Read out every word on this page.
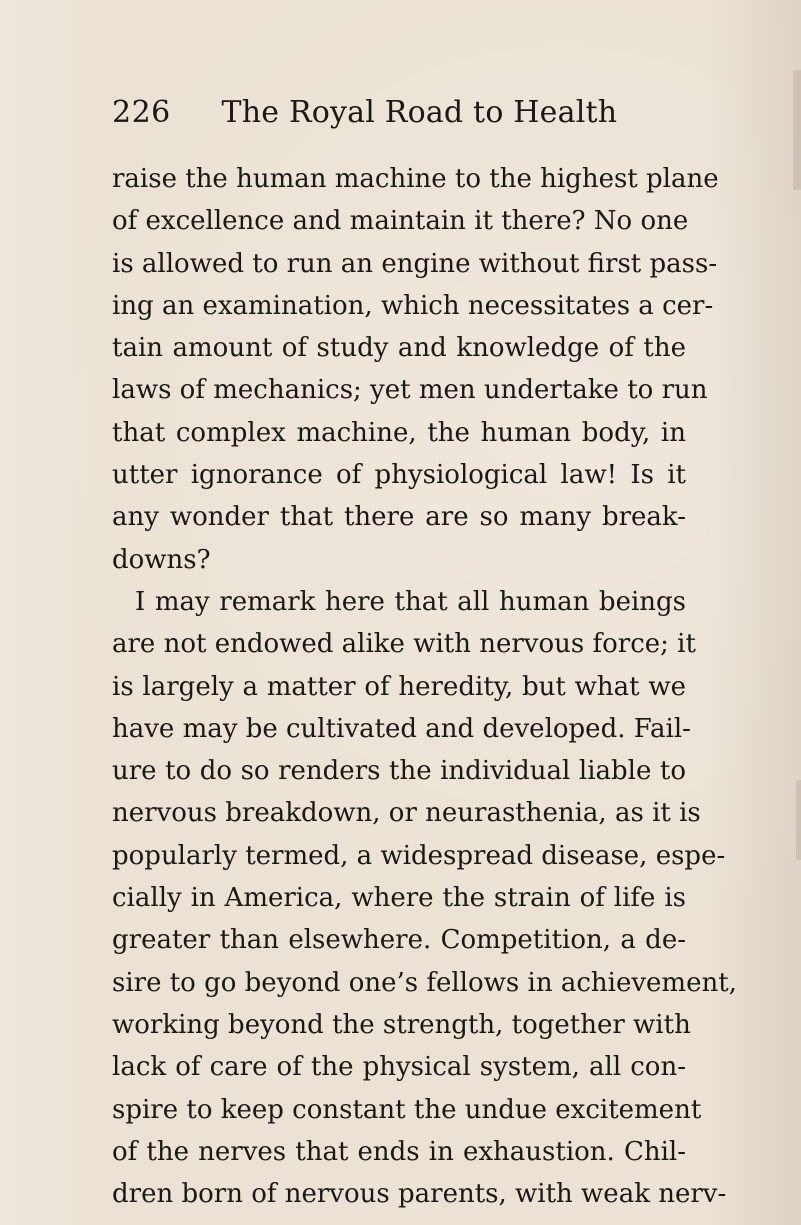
226 The Royal Road to Health
raise the human machine to the highest plane
of excellence and maintain it there? No one
is allowed to run an engine without first pass-
ing an examination, which necessitates a cer-
tain amount of study and knowledge of the
laws of mechanics; yet men undertake to run
that complex machine, the human body, in
utter ignorance of physiological law! Is it
any wonder that there are so many break-
downs?
I may remark here that all human beings
are not endowed alike with nervous force; it
is largely a matter of heredity, but what we
have may be cultivated and developed. Fail-
ure to do so renders the individual liable to
nervous breakdown, or neurasthenia, as it is
popularly termed, a widespread disease, espe-
cially in America, where the strain of life is
greater than elsewhere. Competition, a de-
sire to go beyond one’s fellows in achievement,
working beyond the strength, together with
lack of care of the physical system, all con-
spire to keep constant the undue excitement
of the nerves that ends in exhaustion. Chil-
dren born of nervous parents, with weak nerv-
